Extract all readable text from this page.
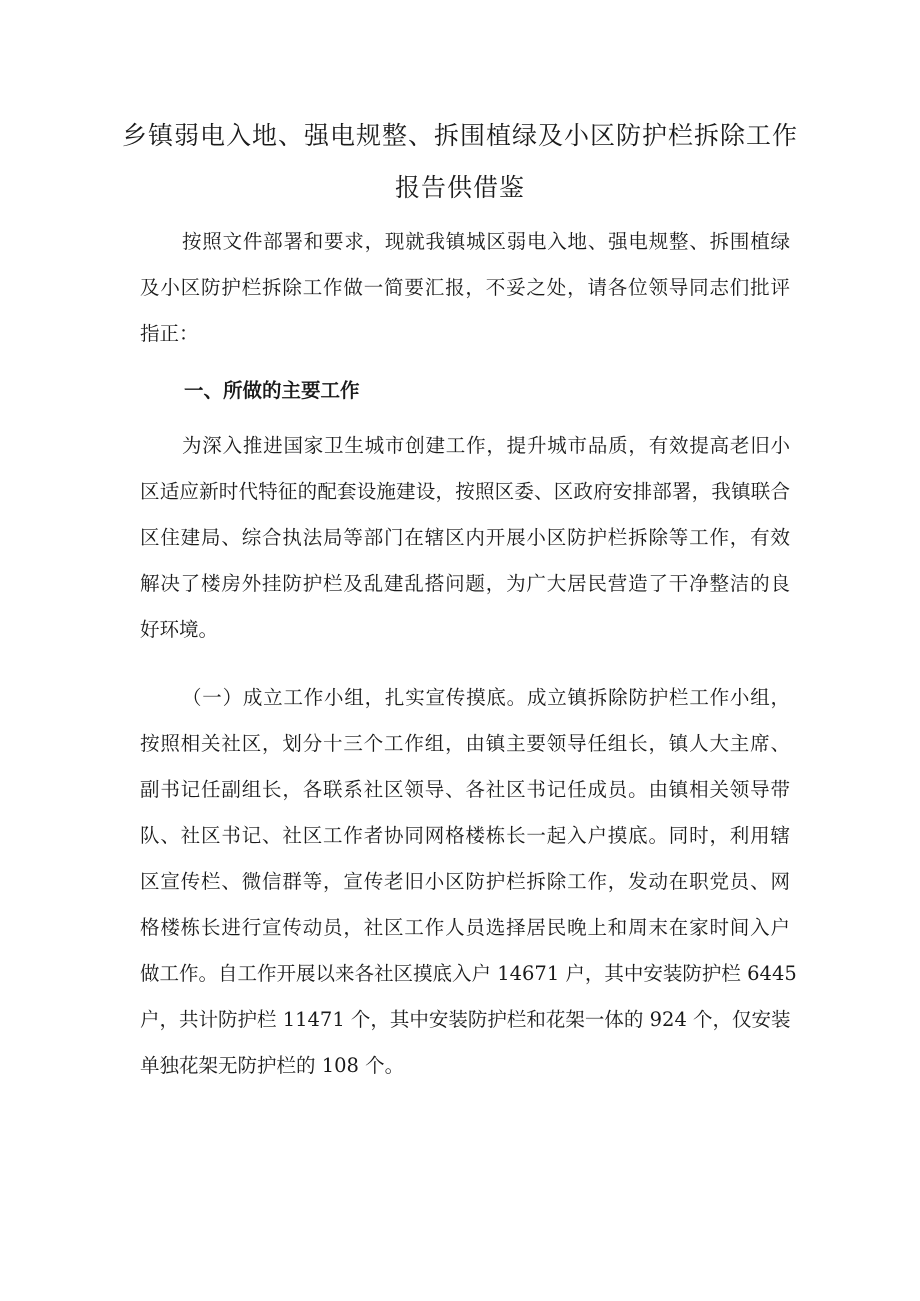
乡镇弱电入地、强电规整、拆围植绿及小区防护栏拆除工作
报告供借鉴

按照文件部署和要求，现就我镇城区弱电入地、强电规整、拆围植绿
及小区防护栏拆除工作做一简要汇报，不妥之处，请各位领导同志们批评
指正：

一、所做的主要工作

为深入推进国家卫生城市创建工作，提升城市品质，有效提高老旧小
区适应新时代特征的配套设施建设，按照区委、区政府安排部署，我镇联合
区住建局、综合执法局等部门在辖区内开展小区防护栏拆除等工作，有效
解决了楼房外挂防护栏及乱建乱搭问题，为广大居民营造了干净整洁的良
好环境。

（一）成立工作小组，扎实宣传摸底。成立镇拆除防护栏工作小组，
按照相关社区，划分十三个工作组，由镇主要领导任组长，镇人大主席、
副书记任副组长，各联系社区领导、各社区书记任成员。由镇相关领导带
队、社区书记、社区工作者协同网格楼栋长一起入户摸底。同时，利用辖
区宣传栏、微信群等，宣传老旧小区防护栏拆除工作，发动在职党员、网
格楼栋长进行宣传动员，社区工作人员选择居民晚上和周末在家时间入户
做工作。自工作开展以来各社区摸底入户 14671 户，其中安装防护栏 6445
户，共计防护栏 11471 个，其中安装防护栏和花架一体的 924 个，仅安装
单独花架无防护栏的 108 个。
